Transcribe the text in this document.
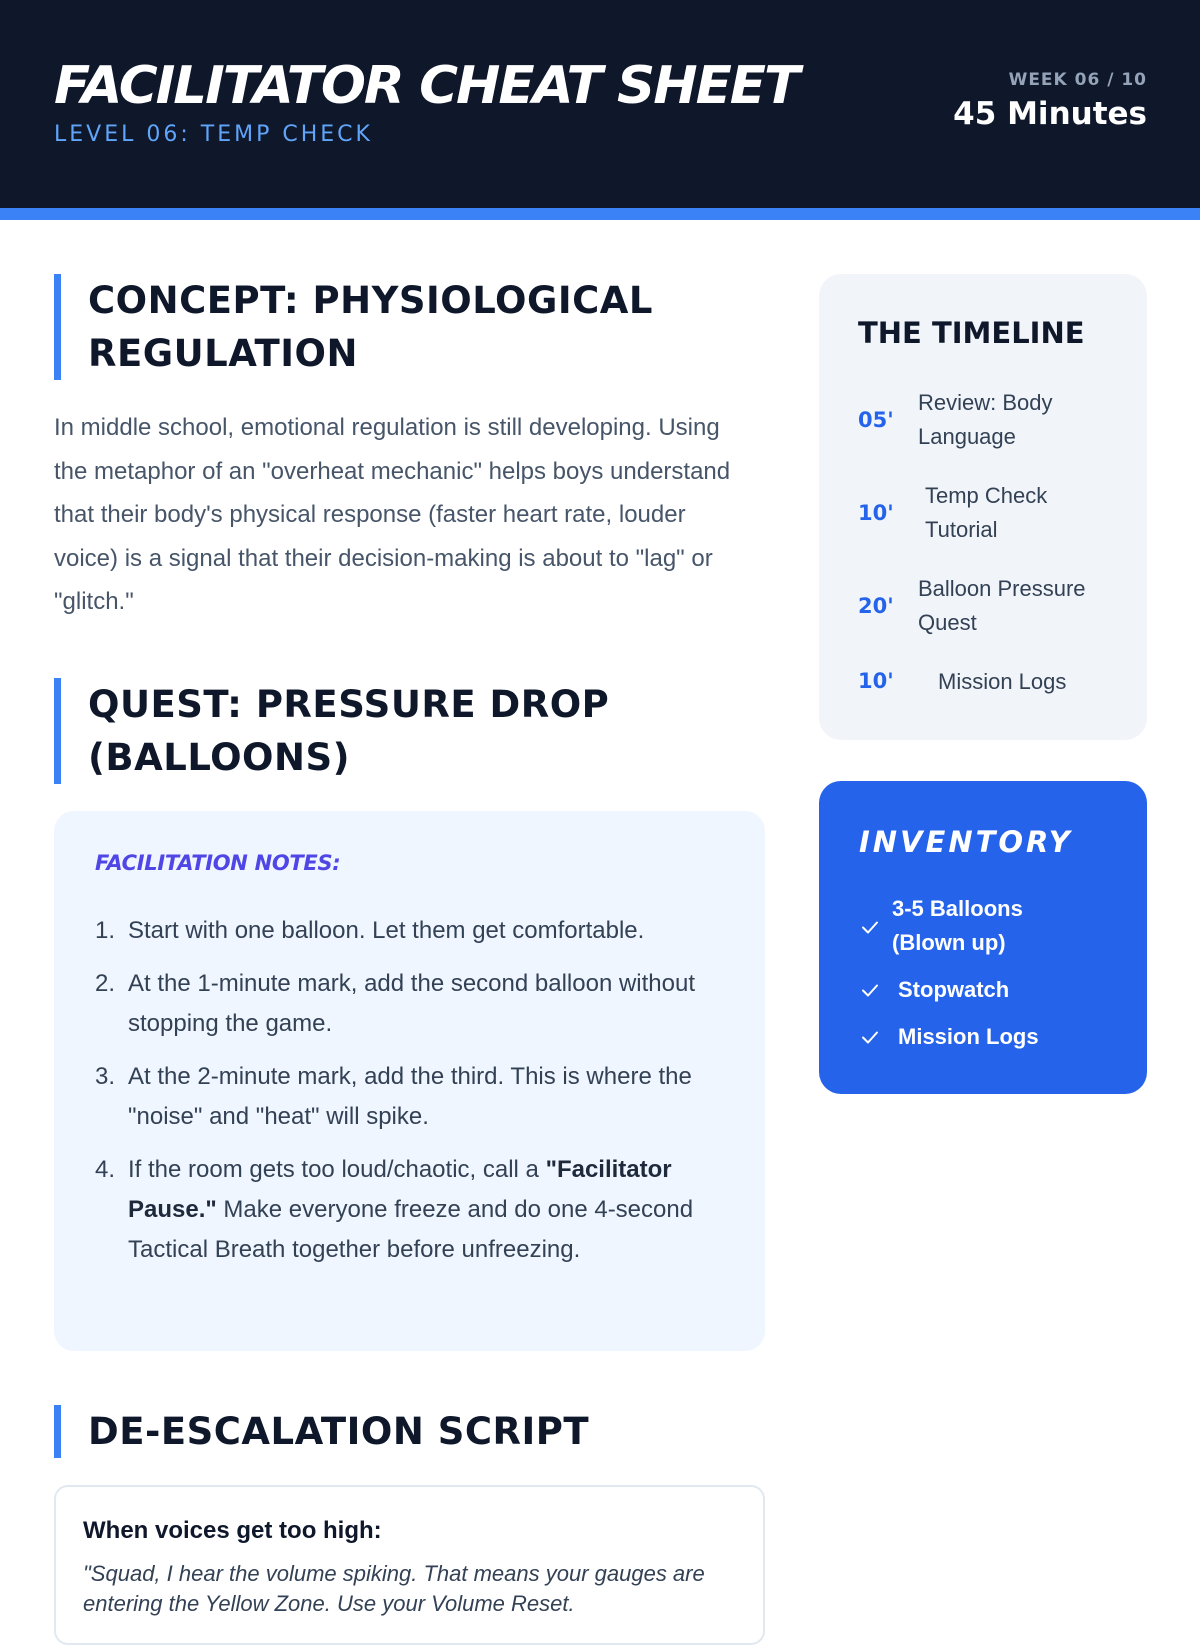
FACILITATOR CHEAT SHEET
LEVEL 06: TEMP CHECK
WEEK 06 / 10
45 Minutes
CONCEPT: PHYSIOLOGICAL REGULATION

In middle school, emotional regulation is still developing. Using the metaphor of an "overheat mechanic" helps boys understand that their body's physical response (faster heart rate, louder voice) is a signal that their decision-making is about to "lag" or "glitch."

QUEST: PRESSURE DROP (BALLOONS)
FACILITATION NOTES:
1. Start with one balloon. Let them get comfortable.
2. At the 1-minute mark, add the second balloon without stopping the game.
3. At the 2-minute mark, add the third. This is where the "noise" and "heat" will spike.
4. If the room gets too loud/chaotic, call a "Facilitator Pause." Make everyone freeze and do one 4-second Tactical Breath together before unfreezing.
DE-ESCALATION SCRIPT
When voices get too high:
"Squad, I hear the volume spiking. That means your gauges are entering the Yellow Zone. Use your Volume Reset.
THE TIMELINE
05'
Review: Body Language
10'
Temp Check Tutorial
20'
Balloon Pressure Quest
10' Mission Logs
INVENTORY
3-5 Balloons (Blown up)
Stopwatch
Mission Logs
